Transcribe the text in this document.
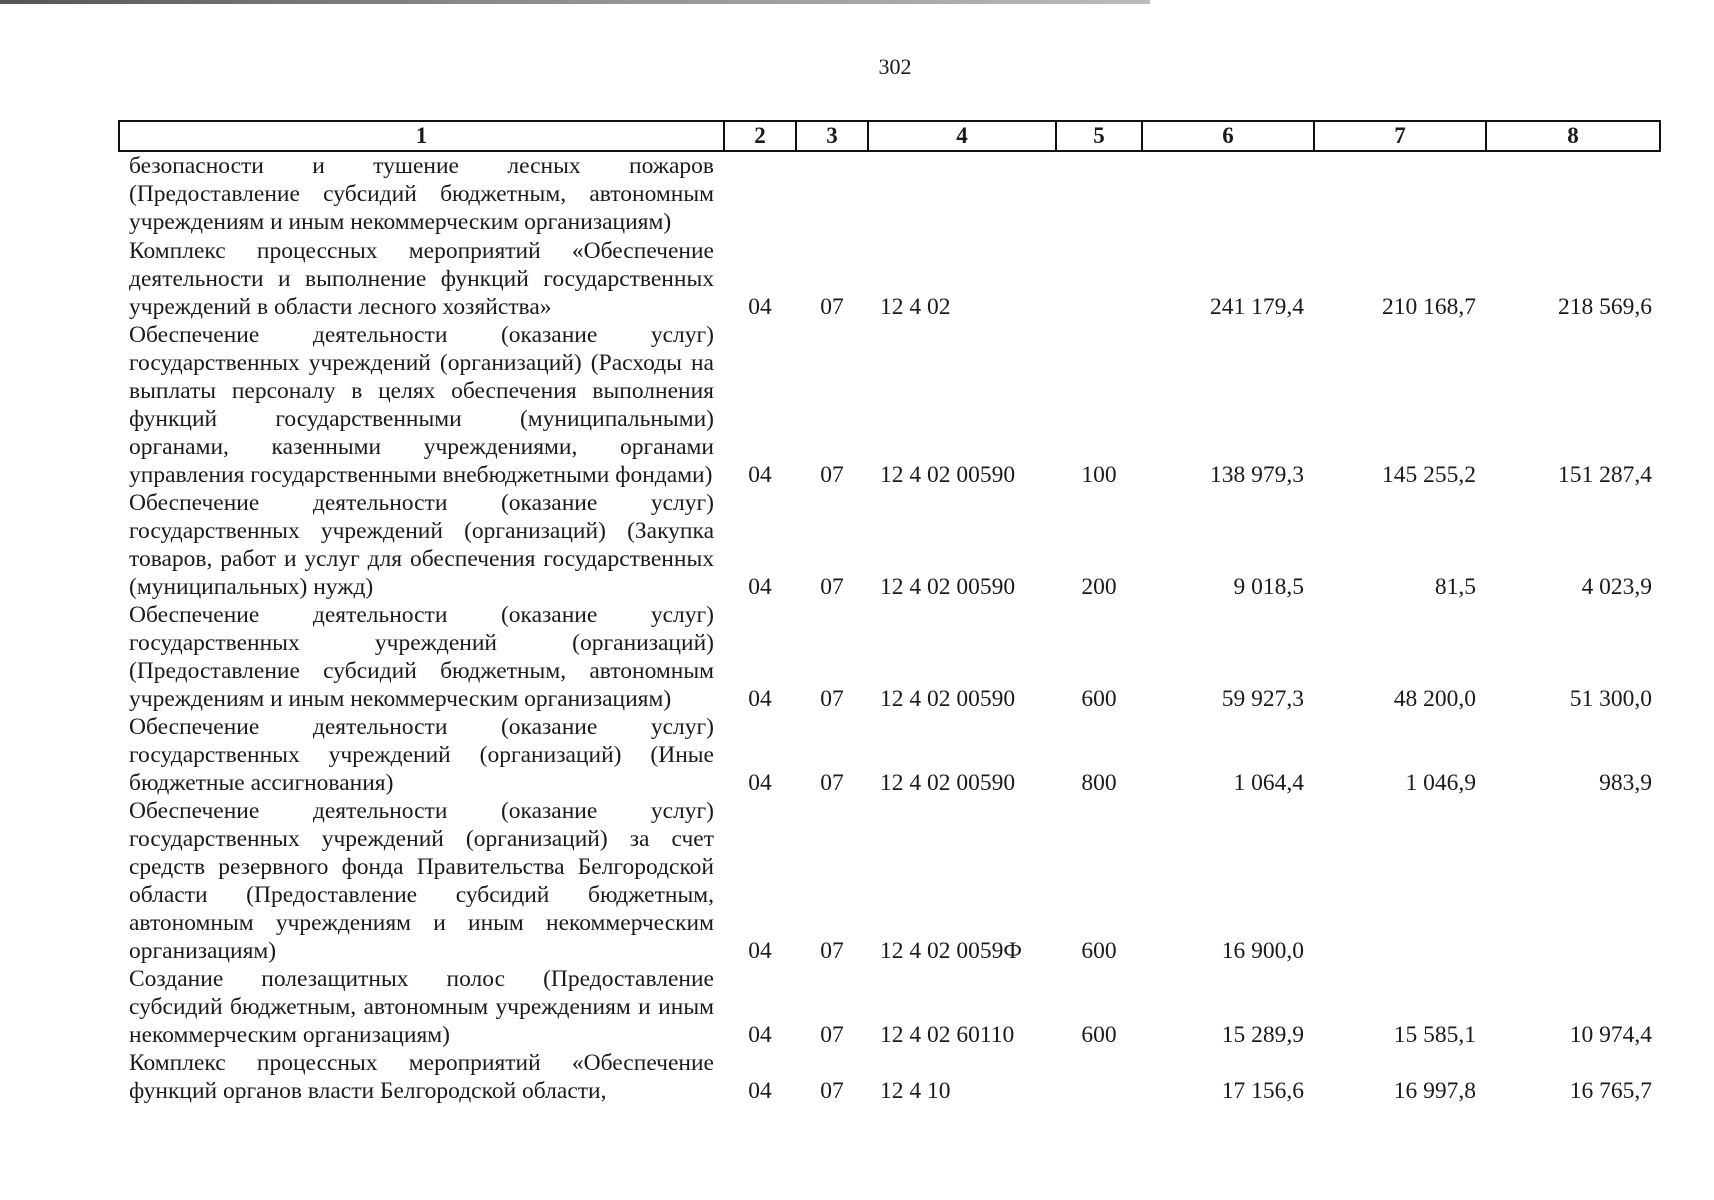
302
1	2	3	4	5	6	7	8
безопасности и тушение лесных пожаров (Предоставление субсидий бюджетным, автономным учреждениям и иным некоммерческим организациям)							
Комплекс процессных мероприятий «Обеспечение деятельности и выполнение функций государственных учреждений в области лесного хозяйства»	04	07	12 4 02		241 179,4	210 168,7	218 569,6
Обеспечение деятельности (оказание услуг) государственных учреждений (организаций) (Расходы на выплаты персоналу в целях обеспечения выполнения функций государственными (муниципальными) органами, казенными учреждениями, органами управления государственными внебюджетными фондами)	04	07	12 4 02 00590	100	138 979,3	145 255,2	151 287,4
Обеспечение деятельности (оказание услуг) государственных учреждений (организаций) (Закупка товаров, работ и услуг для обеспечения государственных (муниципальных) нужд)	04	07	12 4 02 00590	200	9 018,5	81,5	4 023,9
Обеспечение деятельности (оказание услуг) государственных учреждений (организаций) (Предоставление субсидий бюджетным, автономным учреждениям и иным некоммерческим организациям)	04	07	12 4 02 00590	600	59 927,3	48 200,0	51 300,0
Обеспечение деятельности (оказание услуг) государственных учреждений (организаций) (Иные бюджетные ассигнования)	04	07	12 4 02 00590	800	1 064,4	1 046,9	983,9
Обеспечение деятельности (оказание услуг) государственных учреждений (организаций) за счет средств резервного фонда Правительства Белгородской области (Предоставление субсидий бюджетным, автономным учреждениям и иным некоммерческим организациям)	04	07	12 4 02 0059Ф	600	16 900,0		
Создание полезащитных полос (Предоставление субсидий бюджетным, автономным учреждениям и иным некоммерческим организациям)	04	07	12 4 02 60110	600	15 289,9	15 585,1	10 974,4
Комплекс процессных мероприятий «Обеспечение функций органов власти Белгородской области,	04	07	12 4 10		17 156,6	16 997,8	16 765,7
